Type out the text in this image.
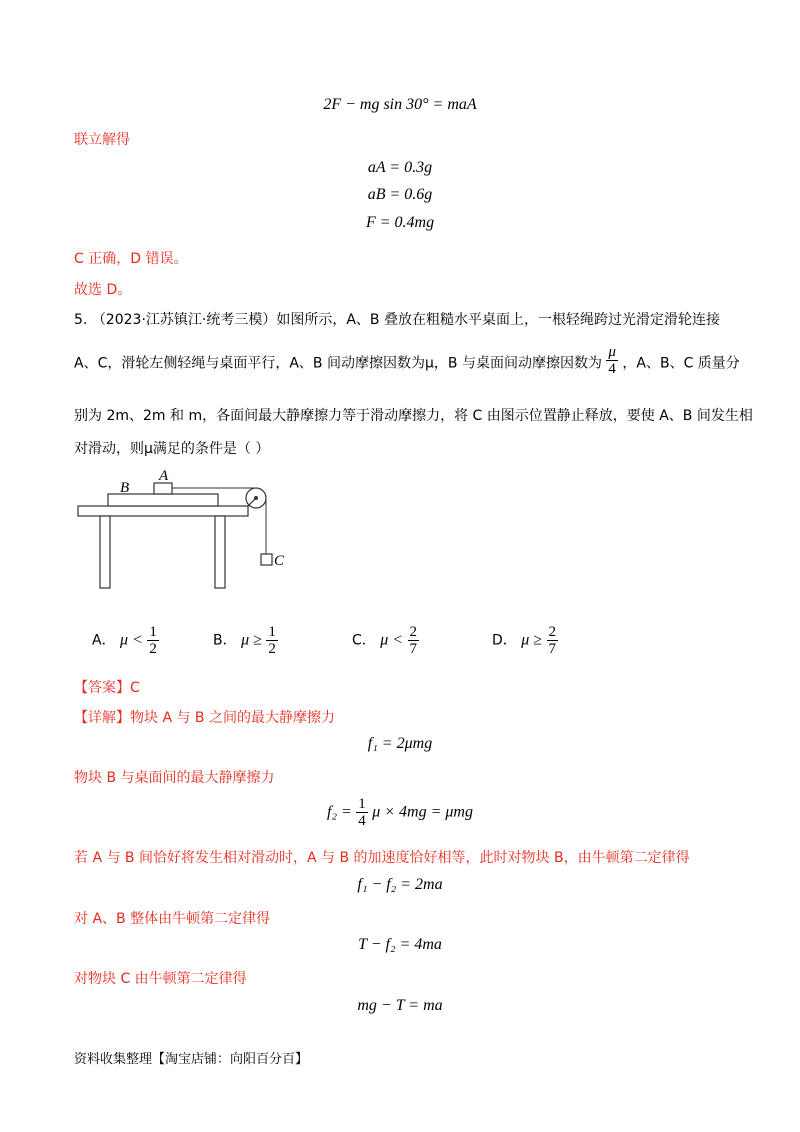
2F − mg sin 30° = maA
联立解得
aA = 0.3g
aB = 0.6g
F = 0.4mg
C 正确，D 错误。
故选 D。
5. （2023·江苏镇江·统考三模）如图所示，A、B 叠放在粗糙水平桌面上，一根轻绳跨过光滑定滑轮连接
A、C，滑轮左侧轻绳与桌面平行，A、B 间动摩擦因数为μ，B 与桌面间动摩擦因数为 $\frac{\mu}{4}$ ，A、B、C 质量分
别为 2m、2m 和 m，各面间最大静摩擦力等于滑动摩擦力，将 C 由图示位置静止释放，要使 A、B 间发生相
对滑动，则μ满足的条件是（ ）
B
A
C
A． $\mu < \frac{1}{2}$	B． $\mu \ge \frac{1}{2}$	C． $\mu < \frac{2}{7}$	D． $\mu \ge \frac{2}{7}$
【答案】C
【详解】物块 A 与 B 之间的最大静摩擦力
f₁ = 2μmg
物块 B 与桌面间的最大静摩擦力
$f_2 = \frac{1}{4}$ μ × 4mg = μmg
若 A 与 B 间恰好将发生相对滑动时，A 与 B 的加速度恰好相等，此时对物块 B，由牛顿第二定律得
f₁ − f₂ = 2ma
对 A、B 整体由牛顿第二定律得
T − f₂ = 4ma
对物块 C 由牛顿第二定律得
mg − T = ma
资料收集整理【淘宝店铺：向阳百分百】
